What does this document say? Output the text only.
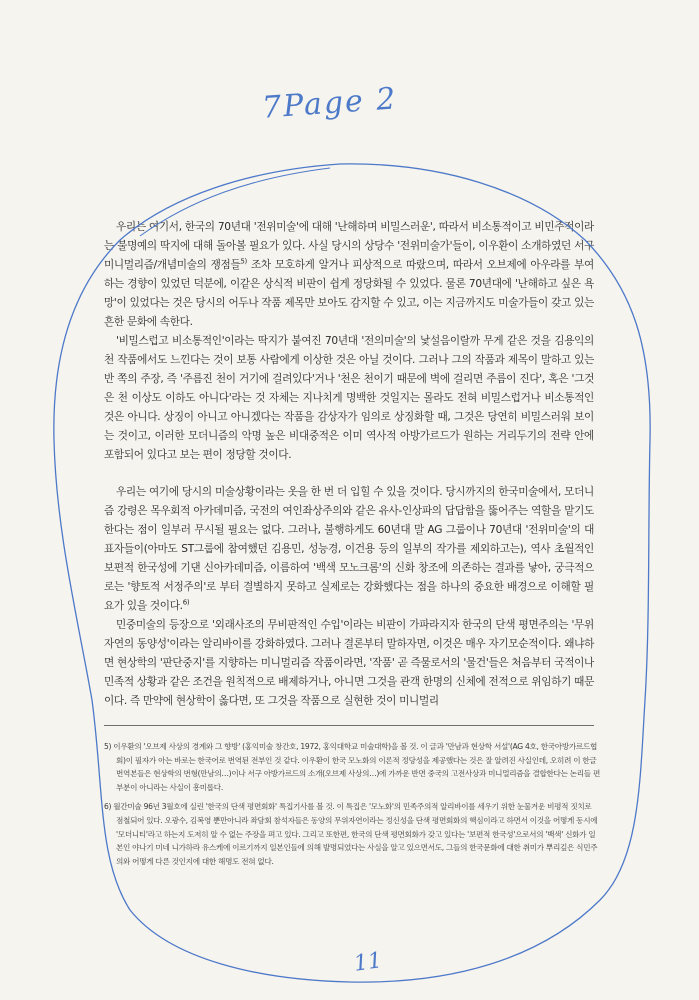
7Page 2

우리는 여기서, 한국의 70년대 '전위미술'에 대해 '난해하며 비밀스러운', 따라서 비소통적이고 비민주적이라는 불명예의 딱지에 대해 돌아볼 필요가 있다. 사실 당시의 상당수 '전위미술가'들이, 이우환이 소개하였던 서구 미니멀리즘/개념미술의 쟁점들$^{5)}$ 조차 모호하게 알거나 피상적으로 따랐으며, 따라서 오브제에 아우라를 부여하는 경향이 있었던 덕분에, 이같은 상식적 비판이 쉽게 정당화될 수 있었다. 물론 70년대에 '난해하고 싶은 욕망'이 있었다는 것은 당시의 어두나 작품 제목만 보아도 감지할 수 있고, 이는 지금까지도 미술가들이 갖고 있는 흔한 문화에 속한다.

'비밀스럽고 비소통적인'이라는 딱지가 붙여진 70년대 '전의미술'의 낯설음이랄까 무게 같은 것을 김용익의 천 작품에서도 느낀다는 것이 보통 사람에게 이상한 것은 아닐 것이다. 그러나 그의 작품과 제목이 말하고 있는 반 쪽의 주장, 즉 '주름진 천이 거기에 걸려있다'거나 '천은 천이기 때문에 벽에 걸리면 주름이 진다', 혹은 '그것은 천 이상도 이하도 아니다'라는 것 자체는 지나치게 명백한 것일지는 몰라도 전혀 비밀스럽거나 비소통적인 것은 아니다. 상징이 아니고 아니겠다는 작품을 감상자가 임의로 상징화할 때, 그것은 당연히 비밀스러워 보이는 것이고, 이러한 모더니즘의 악명 높은 비대중적은 이미 역사적 아방가르드가 원하는 거리두기의 전략 안에 포함되어 있다고 보는 편이 정당할 것이다.

우리는 여기에 당시의 미술상황이라는 옷을 한 번 더 입힐 수 있을 것이다. 당시까지의 한국미술에서, 모더니즘 강령은 목우회적 아카데미즘, 국전의 여인좌상주의와 같은 유사-인상파의 답답함을 뚫어주는 역할을 맡기도 한다는 점이 일부러 무시될 필요는 없다. 그러나, 불행하게도 60년대 말 AG 그룹이나 70년대 '전위미술'의 대표자들이(아마도 ST그룹에 참여했던 김용민, 성능경, 이건용 등의 일부의 작가를 제외하고는), 역사 초월적인 보편적 한국성에 기댄 신아카데미즘, 이름하여 '백색 모노크롬'의 신화 창조에 의존하는 결과를 낳아, 궁극적으로는 '향토적 서정주의'로 부터 결별하지 못하고 실제로는 강화했다는 점을 하나의 중요한 배경으로 이해할 필요가 있을 것이다.$^{6)}$

민중미술의 등장으로 '외래사조의 무비판적인 수입'이라는 비판이 가파라지자 한국의 단색 평면주의는 '무위자연의 동양성'이라는 알리바이를 강화하였다. 그러나 결론부터 말하자면, 이것은 매우 자기모순적이다. 왜냐하면 현상학의 '판단중지'를 지향하는 미니멀리즘 작품이라면, '작품' 곧 즉물로서의 '물건'들은 처음부터 국적이나 민족적 상황과 같은 조건을 원칙적으로 배제하거나, 아니면 그것을 관객 한명의 신체에 전적으로 위임하기 때문이다. 즉 만약에 현상학이 옳다면, 또 그것을 작품으로 실현한 것이 미니멀리

5) 이우환의 '오브제 사상의 경계와 그 향방' (홍익미술 창간호, 1972, 홍익대학교 미술대학)을 볼 것. 이 글과 '만남과 현상학 서설'(AG 4호, 한국아방가르드협회)이 필자가 아는 바로는 한국어로 번역된 전부인 것 같다. 이우환이 한국 모노화의 이론적 정당성을 제공했다는 것은 잘 알려진 사실인데, 오히려 이 한글 번역본들은 현상학의 번형(만남의…)이나 서구 아방가르드의 소개(오브제 사상의…)에 가까운 반면 중국의 고전사상과 미니멀리즘을 결합한다는 논리들 편 부분이 아니라는 사실이 흥미롭다.

6) 월간미술 96년 3월호에 실린 '한국의 단색 평면회화' 특집기사를 볼 것. 이 특집은 '모노화'의 민족주의적 알리바이를 세우기 위한 눈물겨운 비평적 짓치로 점철되어 있다. 오광수, 김복영 뿐만아니라 좌담회 참석자들은 동양의 무위자연이라는 정신성을 단색 평면회화의 핵심이라고 하면서 이것을 어떻게 동시에 '모더니티'라고 하는지 도저히 알 수 없는 주장을 펴고 있다. 그리고 또한편, 한국의 단색 평면회화가 갖고 있다는 '보편적 한국성'으로서의 '백색' 신화가 일본인 야나기 미네 니가하라 유스케에 이르기까지 일본인들에 의해 발명되었다는 사실을 알고 있으면서도, 그들의 한국문화에 대한 취미가 뿌리깊은 식민주의와 어떻게 다른 것인지에 대한 해명도 전혀 없다.

11
